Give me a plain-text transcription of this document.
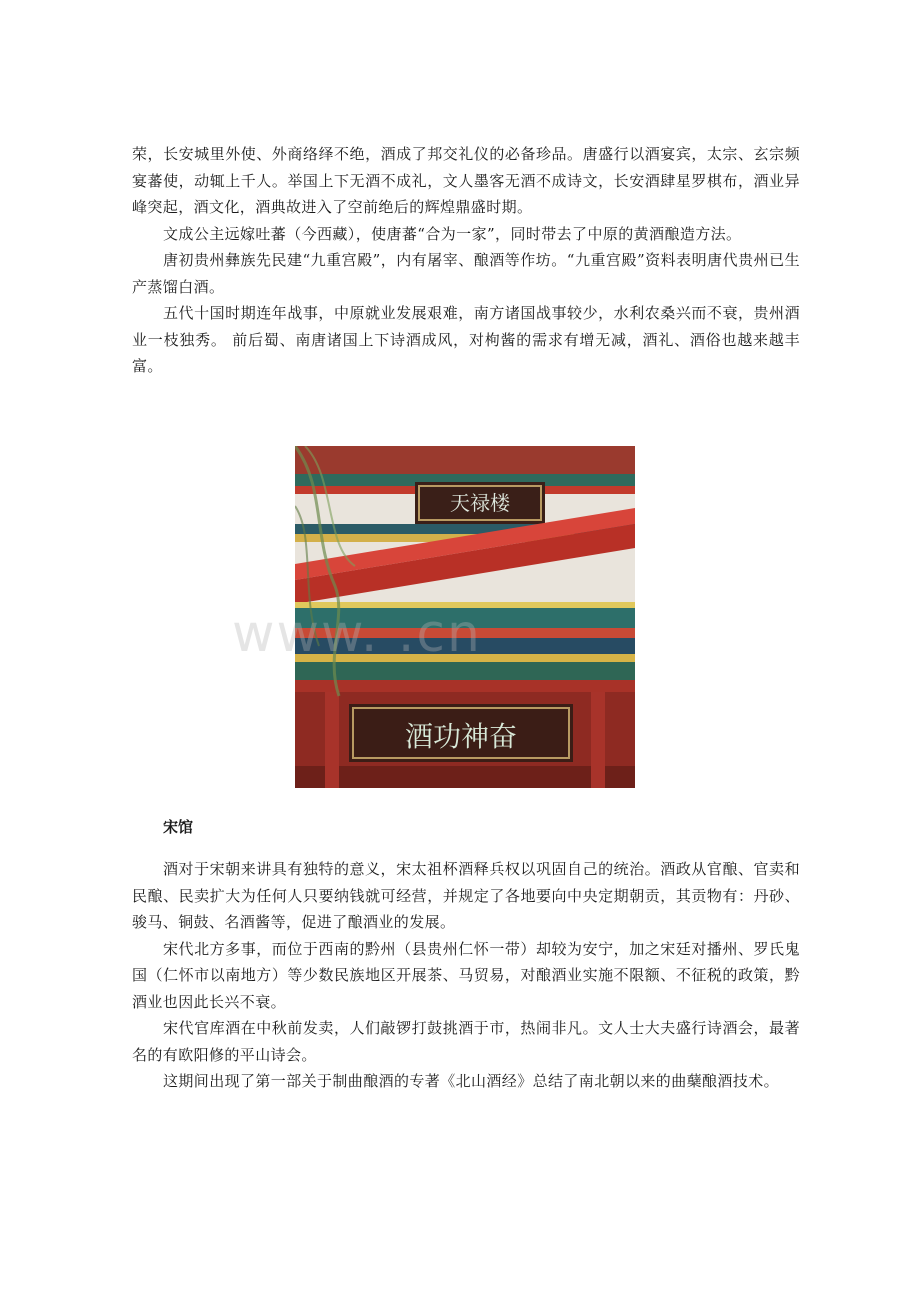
荣，长安城里外使、外商络绎不绝，酒成了邦交礼仪的必备珍品。唐盛行以酒宴宾，太宗、玄宗频宴蕃使，动辄上千人。举国上下无酒不成礼，文人墨客无酒不成诗文，长安酒肆星罗棋布，酒业异峰突起，酒文化，酒典故进入了空前绝后的辉煌鼎盛时期。

文成公主远嫁吐蕃（今西藏），使唐蕃“合为一家”，同时带去了中原的黄酒酿造方法。

唐初贵州彝族先民建“九重宫殿”，内有屠宰、酿酒等作坊。“九重宫殿”资料表明唐代贵州已生产蒸馏白酒。

五代十国时期连年战事，中原就业发展艰难，南方诸国战事较少，水利农桑兴而不衰，贵州酒业一枝独秀。 前后蜀、南唐诸国上下诗酒成风，对枸酱的需求有增无减，酒礼、酒俗也越来越丰富。

天禄楼
酒功神奋
www. .cn
宋馆

酒对于宋朝来讲具有独特的意义，宋太祖杯酒释兵权以巩固自己的统治。酒政从官酿、官卖和民酿、民卖扩大为任何人只要纳钱就可经营，并规定了各地要向中央定期朝贡，其贡物有：丹砂、骏马、铜鼓、名酒酱等，促进了酿酒业的发展。

宋代北方多事，而位于西南的黔州（县贵州仁怀一带）却较为安宁，加之宋廷对播州、罗氏鬼国（仁怀市以南地方）等少数民族地区开展茶、马贸易，对酿酒业实施不限额、不征税的政策，黔酒业也因此长兴不衰。

宋代官库酒在中秋前发卖，人们敲锣打鼓挑酒于市，热闹非凡。文人士大夫盛行诗酒会，最著名的有欧阳修的平山诗会。

这期间出现了第一部关于制曲酿酒的专著《北山酒经》总结了南北朝以来的曲蘖酿酒技术。
